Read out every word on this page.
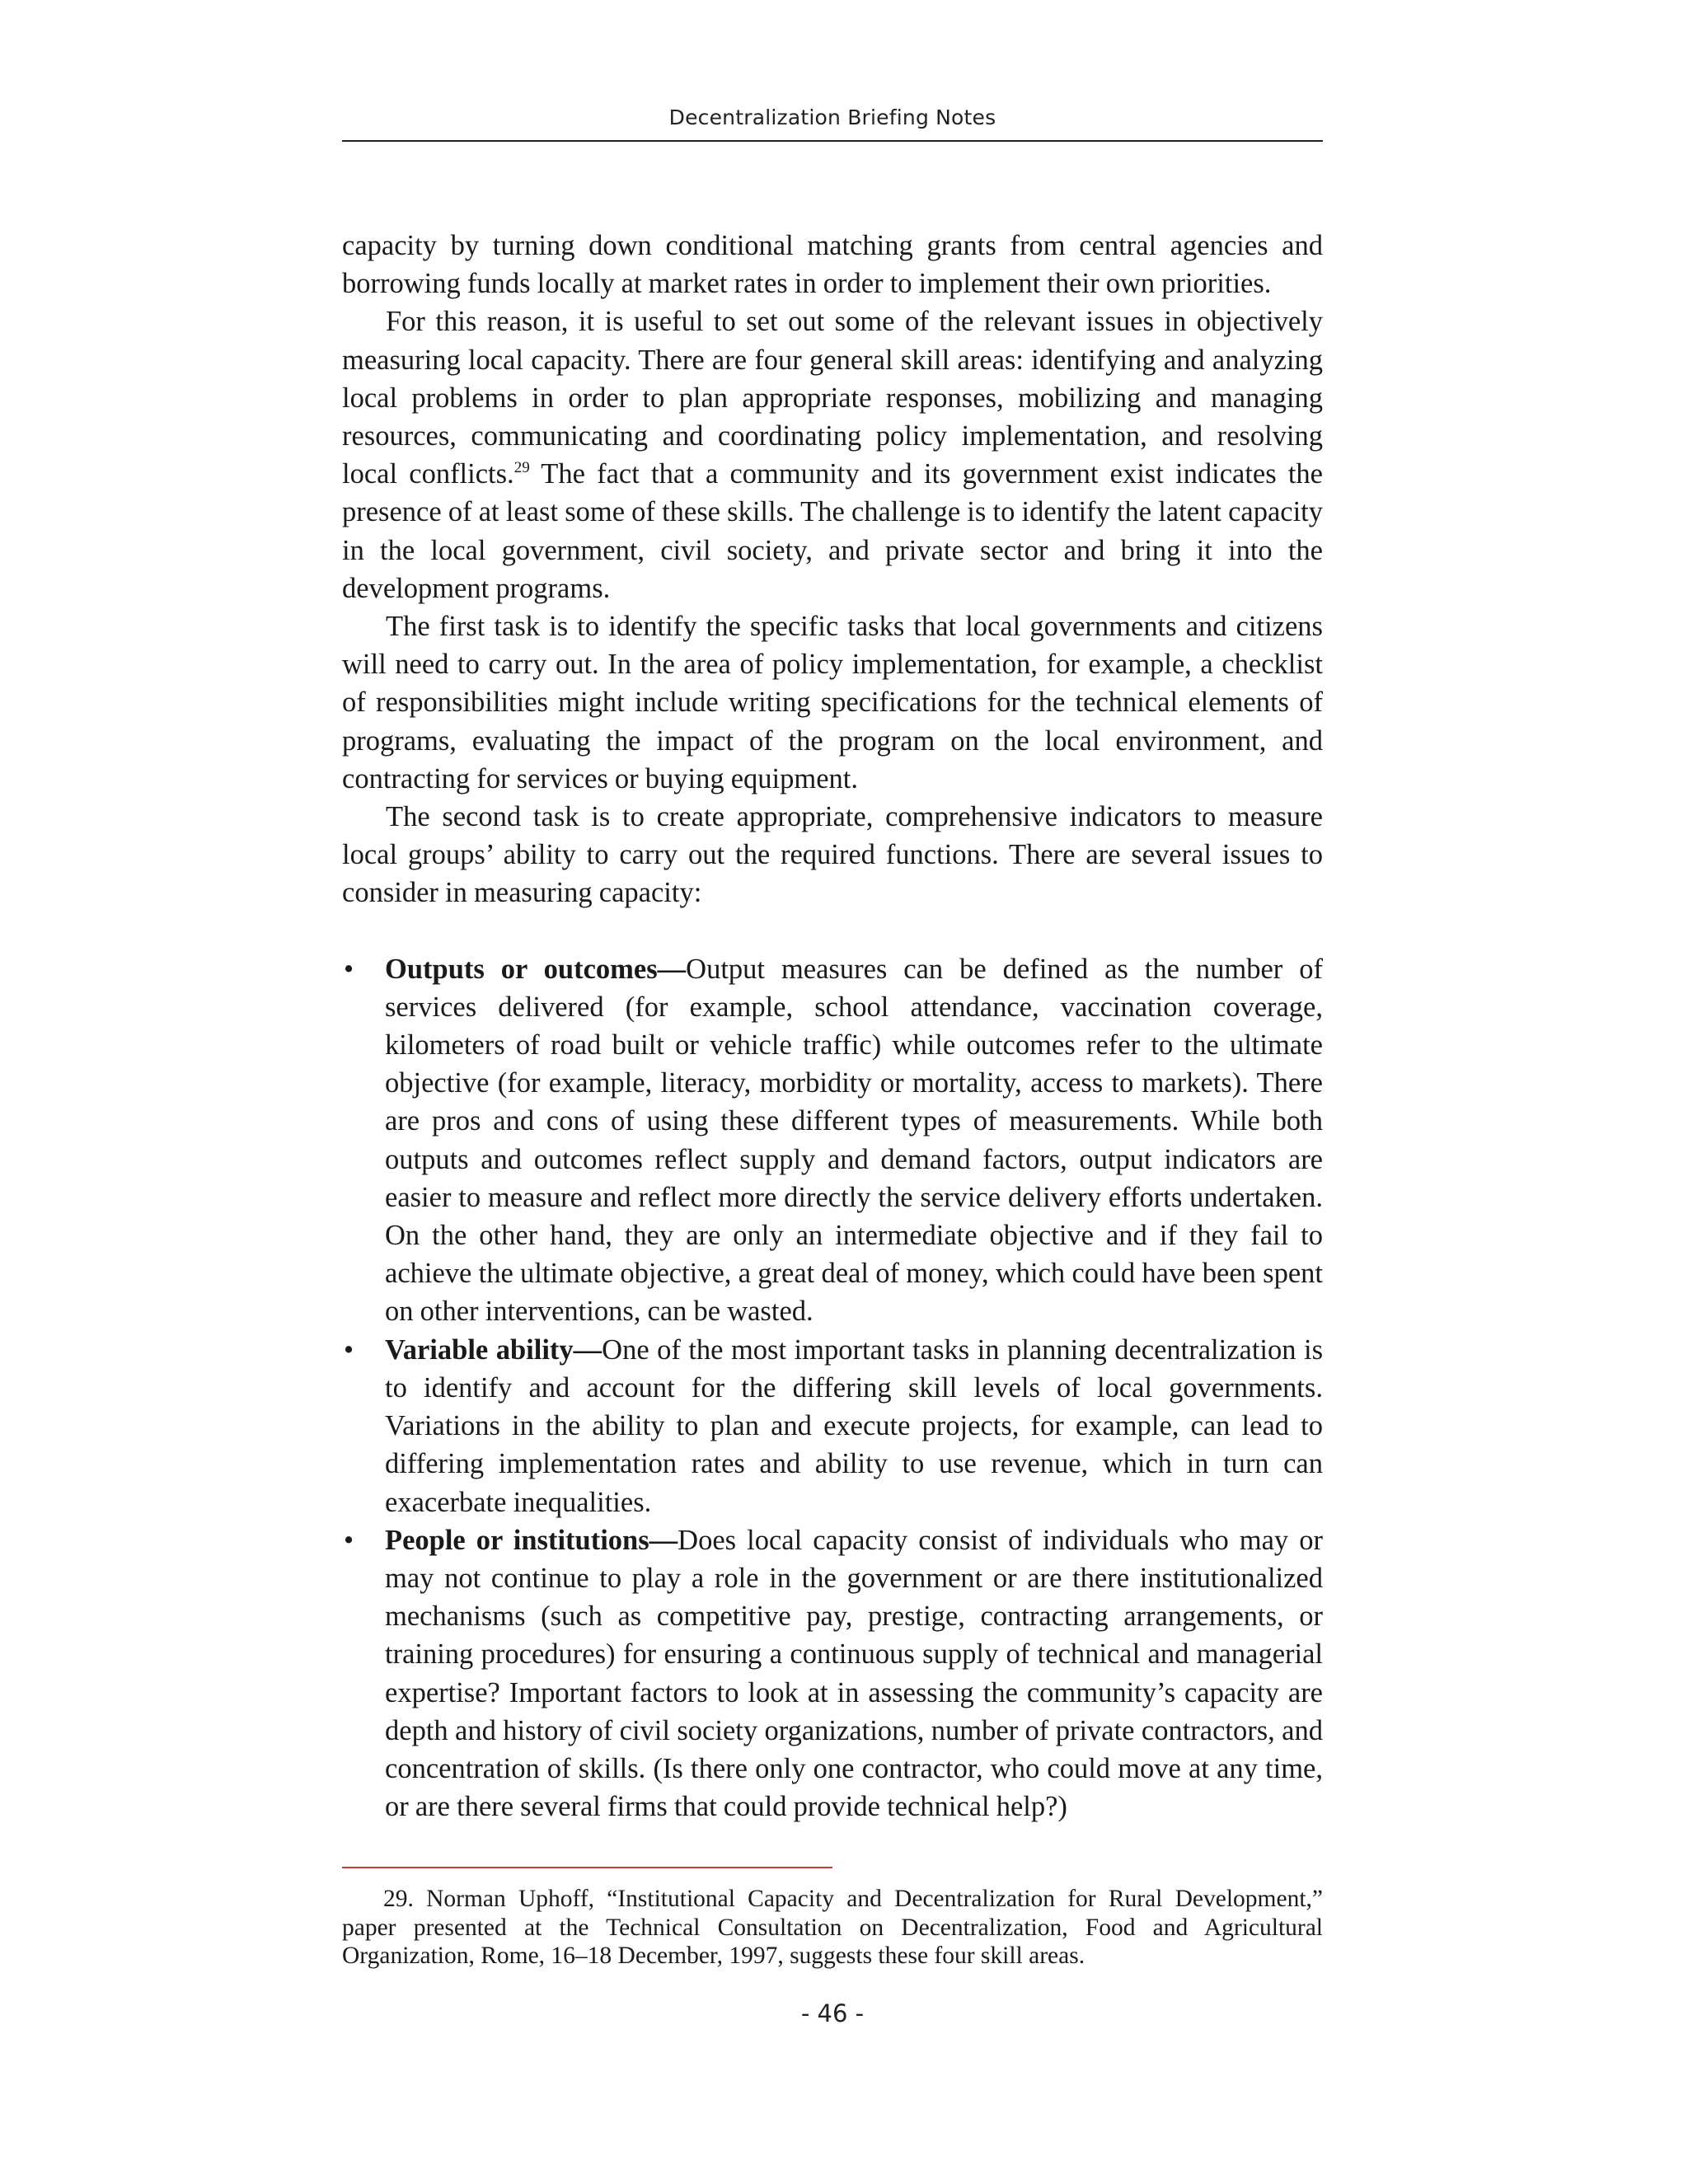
Decentralization Briefing Notes

capacity by turning down conditional matching grants from central agencies and borrowing funds locally at market rates in order to implement their own priorities.

For this reason, it is useful to set out some of the relevant issues in objectively measuring local capacity. There are four general skill areas: identifying and analyzing local problems in order to plan appropriate responses, mobilizing and managing resources, communicating and coordinating policy implementation, and resolving local conflicts.$^{29}$ The fact that a community and its government exist indicates the presence of at least some of these skills. The challenge is to identify the latent capacity in the local government, civil society, and private sector and bring it into the development programs.

The first task is to identify the specific tasks that local governments and citizens will need to carry out. In the area of policy implementation, for example, a checklist of responsibilities might include writing specifications for the technical elements of programs, evaluating the impact of the program on the local environment, and contracting for services or buying equipment.

The second task is to create appropriate, comprehensive indicators to measure local groups’ ability to carry out the required functions. There are several issues to consider in measuring capacity:

• Outputs or outcomes—Output measures can be defined as the number of services delivered (for example, school attendance, vaccination coverage, kilometers of road built or vehicle traffic) while outcomes refer to the ultimate objective (for example, literacy, morbidity or mortality, access to markets). There are pros and cons of using these different types of measurements. While both outputs and outcomes reflect supply and demand factors, output indicators are easier to measure and reflect more directly the service delivery efforts undertaken. On the other hand, they are only an intermediate objective and if they fail to achieve the ultimate objective, a great deal of money, which could have been spent on other interventions, can be wasted.
• Variable ability—One of the most important tasks in planning decentralization is to identify and account for the differing skill levels of local governments. Variations in the ability to plan and execute projects, for example, can lead to differing implementation rates and ability to use revenue, which in turn can exacerbate inequalities.
• People or institutions—Does local capacity consist of individuals who may or may not continue to play a role in the government or are there institutionalized mechanisms (such as competitive pay, prestige, contracting arrangements, or training procedures) for ensuring a continuous supply of technical and managerial expertise? Important factors to look at in assessing the community’s capacity are depth and history of civil society organizations, number of private contractors, and concentration of skills. (Is there only one contractor, who could move at any time, or are there several firms that could provide technical help?)

29. Norman Uphoff, “Institutional Capacity and Decentralization for Rural Development,” paper presented at the Technical Consultation on Decentralization, Food and Agricultural Organization, Rome, 16–18 December, 1997, suggests these four skill areas.

- 46 -
